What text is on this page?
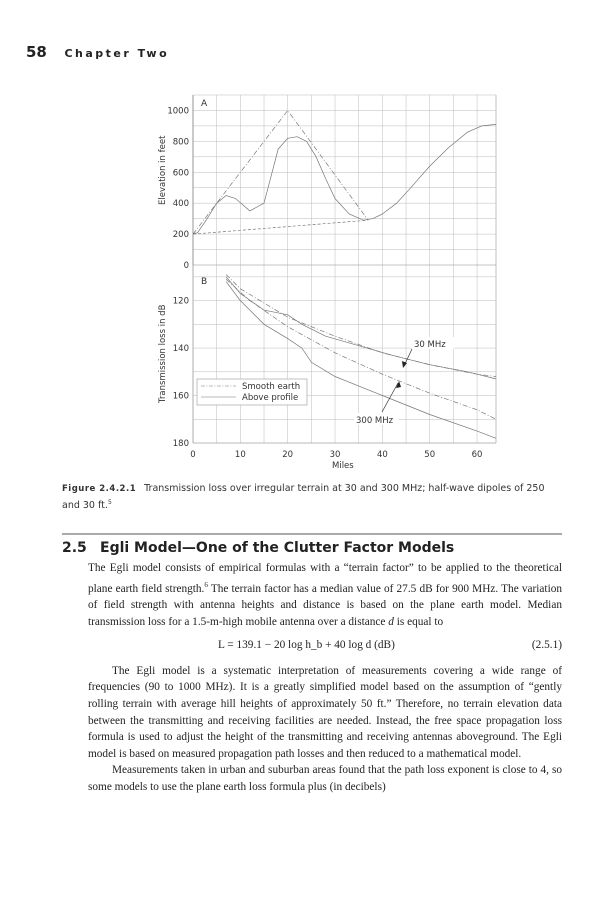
58 Chapter Two
1000
800
600
400
200
0
120
140
160
180
0	10	20	30	40	50	60
A
B
Elevation in feet
Transmission loss in dB
Miles
Smooth earth
Above profile
30 MHz
300 MHz
Figure 2.4.2.1 Transmission loss over irregular terrain at 30 and 300 MHz; half-wave dipoles of 250 and 30 ft.$^5$
2.5 Egli Model—One of the Clutter Factor Models

The Egli model consists of empirical formulas with a “terrain factor” to be applied to the theoretical plane earth field strength.$^6$ The terrain factor has a median value of 27.5 dB for 900 MHz. The variation of field strength with antenna heights and distance is based on the plane earth model. Median transmission loss for a 1.5-m-high mobile antenna over a distance d is equal to

L = 139.1 − 20 log h_b + 40 log d (dB)	(2.5.1)

The Egli model is a systematic interpretation of measurements covering a wide range of frequencies (90 to 1000 MHz). It is a greatly simplified model based on the assumption of “gently rolling terrain with average hill heights of approximately 50 ft.” Therefore, no terrain elevation data between the transmitting and receiving facilities are needed. Instead, the free space propagation loss formula is used to adjust the height of the transmitting and receiving antennas aboveground. The Egli model is based on measured propagation path losses and then reduced to a mathematical model.

Measurements taken in urban and suburban areas found that the path loss exponent is close to 4, so some models to use the plane earth loss formula plus (in decibels)
